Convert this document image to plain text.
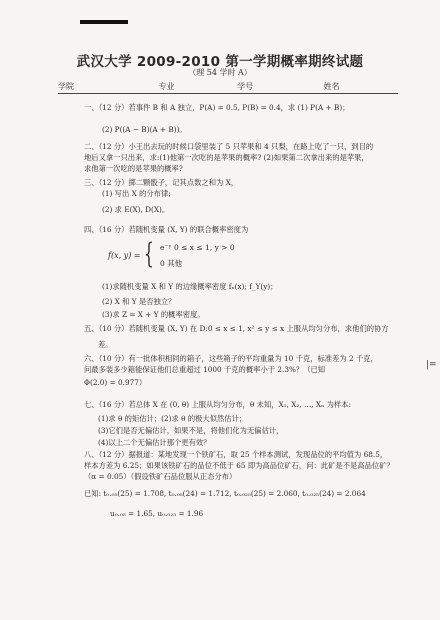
武汉大学 2009-2010 第一学期概率期终试题
（理 54 学时 A）
学院	专业	学号	姓名
一、（12 分）若事件 B 和 A 独立，P(A) = 0.5, P(B) = 0.4，求 (1) P(A + B)；
(2) P((A − B)(A + B))。
二、（12 分）小王出去玩的时候口袋里装了 5 只苹果和 4 只梨，在路上吃了一只，到目的
地后又拿一只出来，求:(1)他第一次吃的是苹果的概率? (2)如果第二次拿出来的是苹果，
求他第一次吃的是苹果的概率?
三、（12 分）掷二颗骰子，记其点数之和为 X，
(1) 写出 X 的分布律;
(2) 求 E(X), D(X)。
四、（16 分）若随机变量 (X, Y) 的联合概率密度为
f(x, y) = { e⁻ʸ 0 ≤ x ≤ 1, y > 0
0 其他
(1)求随机变量 X 和 Y 的边缘概率密度 fₓ(x); f_Y(y)；
(2) X 和 Y 是否独立？
(3)求 Z = X + Y 的概率密度。
五、（10 分）若随机变量 (X, Y) 在 D:0 ≤ x ≤ 1, x² ≤ y ≤ x 上服从均匀分布，求他们的协方
差。
六、（10 分）有一批体积相同的箱子，这些箱子的平均重量为 10 千克，标准差为 2 千克，
问最多装多少箱能保证他们总重超过 1000 千克的概率小于 2.3%？（已知
Φ(2.0) = 0.977）
七、（16 分）若总体 X 在 (0, θ) 上服从均匀分布，θ 未知，X₁, X₂, …, Xₙ 为样本:
(1)求 θ 的矩估计；(2)求 θ 的极大似然估计；
(3)它们是否无偏估计，如果不是，将他们化为无偏估计，
(4)以上二个无偏估计那个更有效？
八、（12 分）据报道：某地发现一个铁矿石，取 25 个样本测试，发现品位的平均值为 68.5，
样本方差为 6.25；如果该铁矿石的品位不低于 65 即为高品位矿石，问：此矿是不是高品位矿？
（α = 0.05）（假设铁矿石品位服从正态分布）
已知: t₀.₀₅(25) = 1.708, t₀.₀₅(24) = 1.712, t₀.₀₂₅(25) = 2.060, t₀.₀₂₅(24) = 2.064
u₀.₀₅ = 1.65, u₀.₀₂₅ = 1.96
|=
